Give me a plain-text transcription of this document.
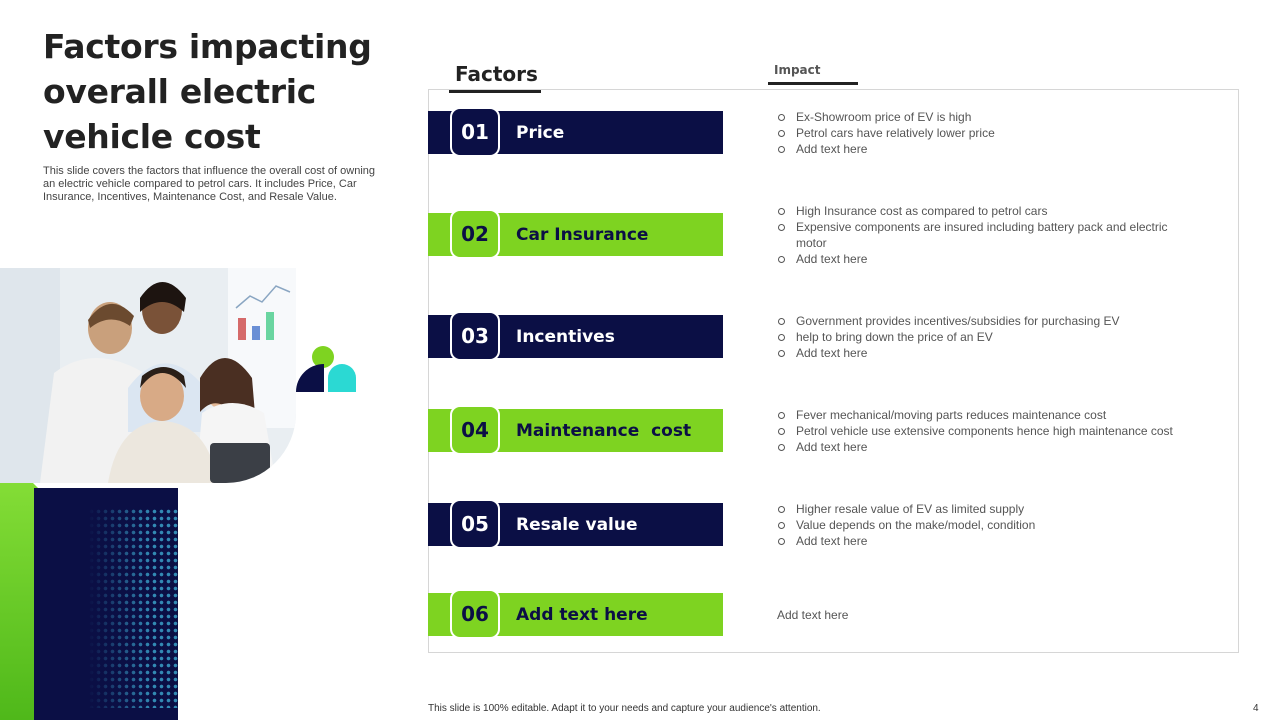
Factors impacting
overall electric
vehicle cost

This slide covers the factors that influence the overall cost of owning an electric vehicle compared to petrol cars. It includes Price, Car Insurance, Incentives, Maintenance Cost, and Resale Value.

Factors	Impact
01	Price
Ex-Showroom price of EV is high
Petrol cars have relatively lower price
Add text here
02	Car Insurance
High Insurance cost as compared to petrol cars
Expensive components are insured including battery pack and electric motor
Add text here
03	Incentives
Government provides incentives/subsidies for purchasing EV
help to bring down the price of an EV
Add text here
04	Maintenance  cost
Fever mechanical/moving parts reduces maintenance cost
Petrol vehicle use extensive components hence high maintenance cost
Add text here
05	Resale value
Higher resale value of EV as limited supply
Value depends on the make/model, condition
Add text here
06	Add text here	Add text here
This slide is 100% editable. Adapt it to your needs and capture your audience's attention.	4
